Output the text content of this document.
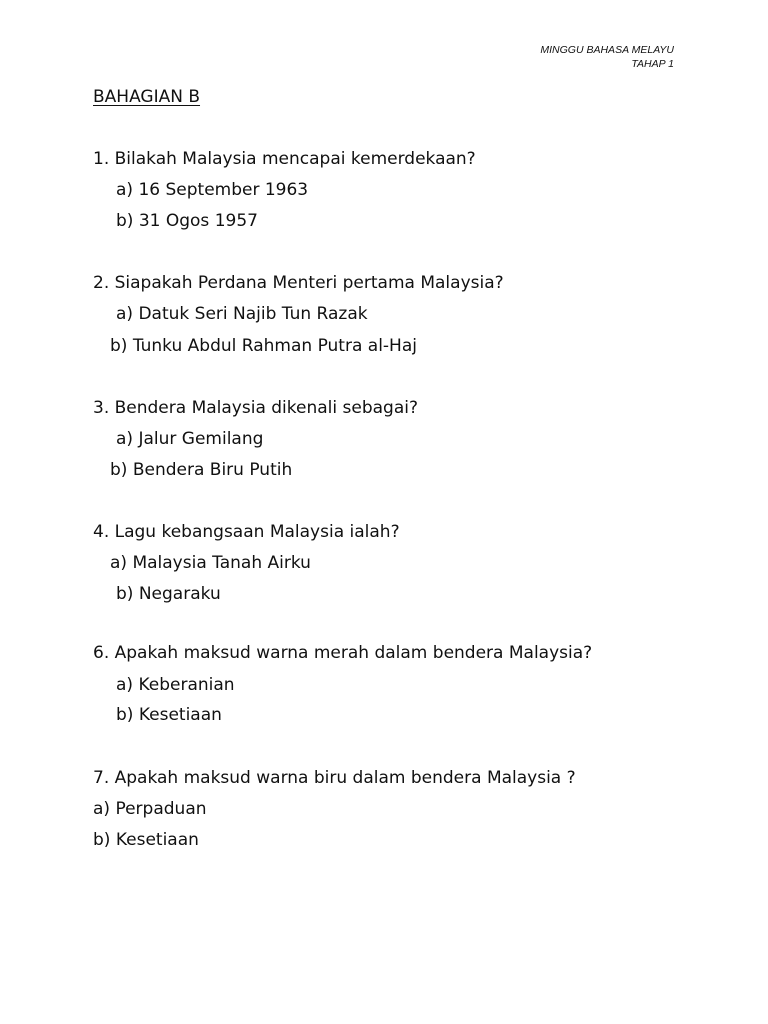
MINGGU BAHASA MELAYU
TAHAP 1
BAHAGIAN B
1. Bilakah Malaysia mencapai kemerdekaan?
a) 16 September 1963
b) 31 Ogos 1957
2. Siapakah Perdana Menteri pertama Malaysia?
a) Datuk Seri Najib Tun Razak
b) Tunku Abdul Rahman Putra al-Haj
3. Bendera Malaysia dikenali sebagai?
a) Jalur Gemilang
b) Bendera Biru Putih
4. Lagu kebangsaan Malaysia ialah?
a) Malaysia Tanah Airku
b) Negaraku
6. Apakah maksud warna merah dalam bendera Malaysia?
a) Keberanian
b) Kesetiaan
7. Apakah maksud warna biru dalam bendera Malaysia ?
a) Perpaduan
b) Kesetiaan
